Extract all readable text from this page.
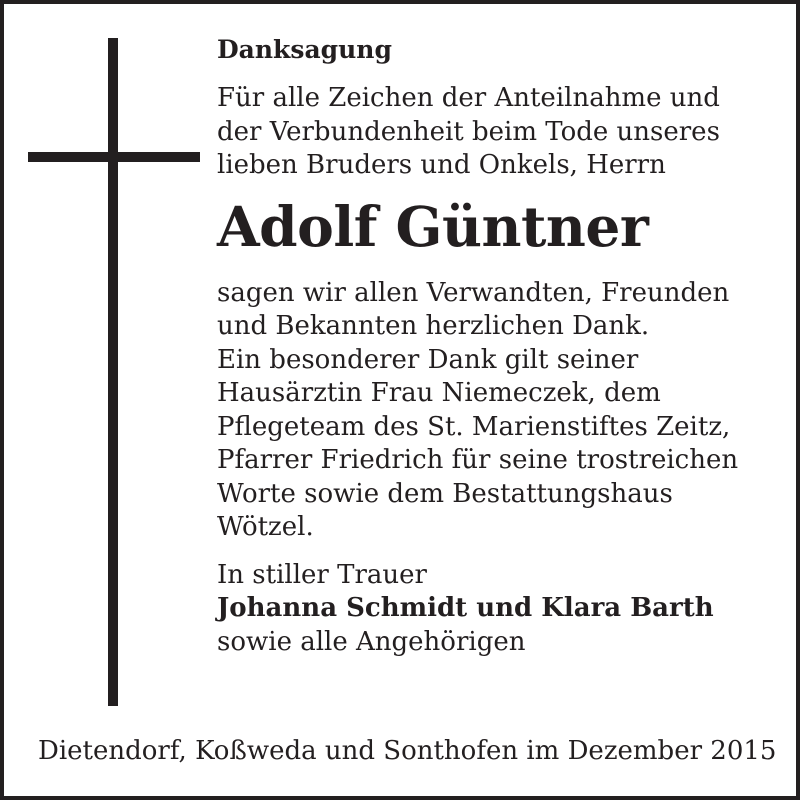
Danksagung
Für alle Zeichen der Anteilnahme und
der Verbundenheit beim Tode unseres
lieben Bruders und Onkels, Herrn
Adolf Güntner
sagen wir allen Verwandten, Freunden
und Bekannten herzlichen Dank.
Ein besonderer Dank gilt seiner
Hausärztin Frau Niemeczek, dem
Pflegeteam des St. Marienstiftes Zeitz,
Pfarrer Friedrich für seine trostreichen
Worte sowie dem Bestattungshaus
Wötzel.
In stiller Trauer
Johanna Schmidt und Klara Barth
sowie alle Angehörigen
Dietendorf, Koßweda und Sonthofen im Dezember 2015
